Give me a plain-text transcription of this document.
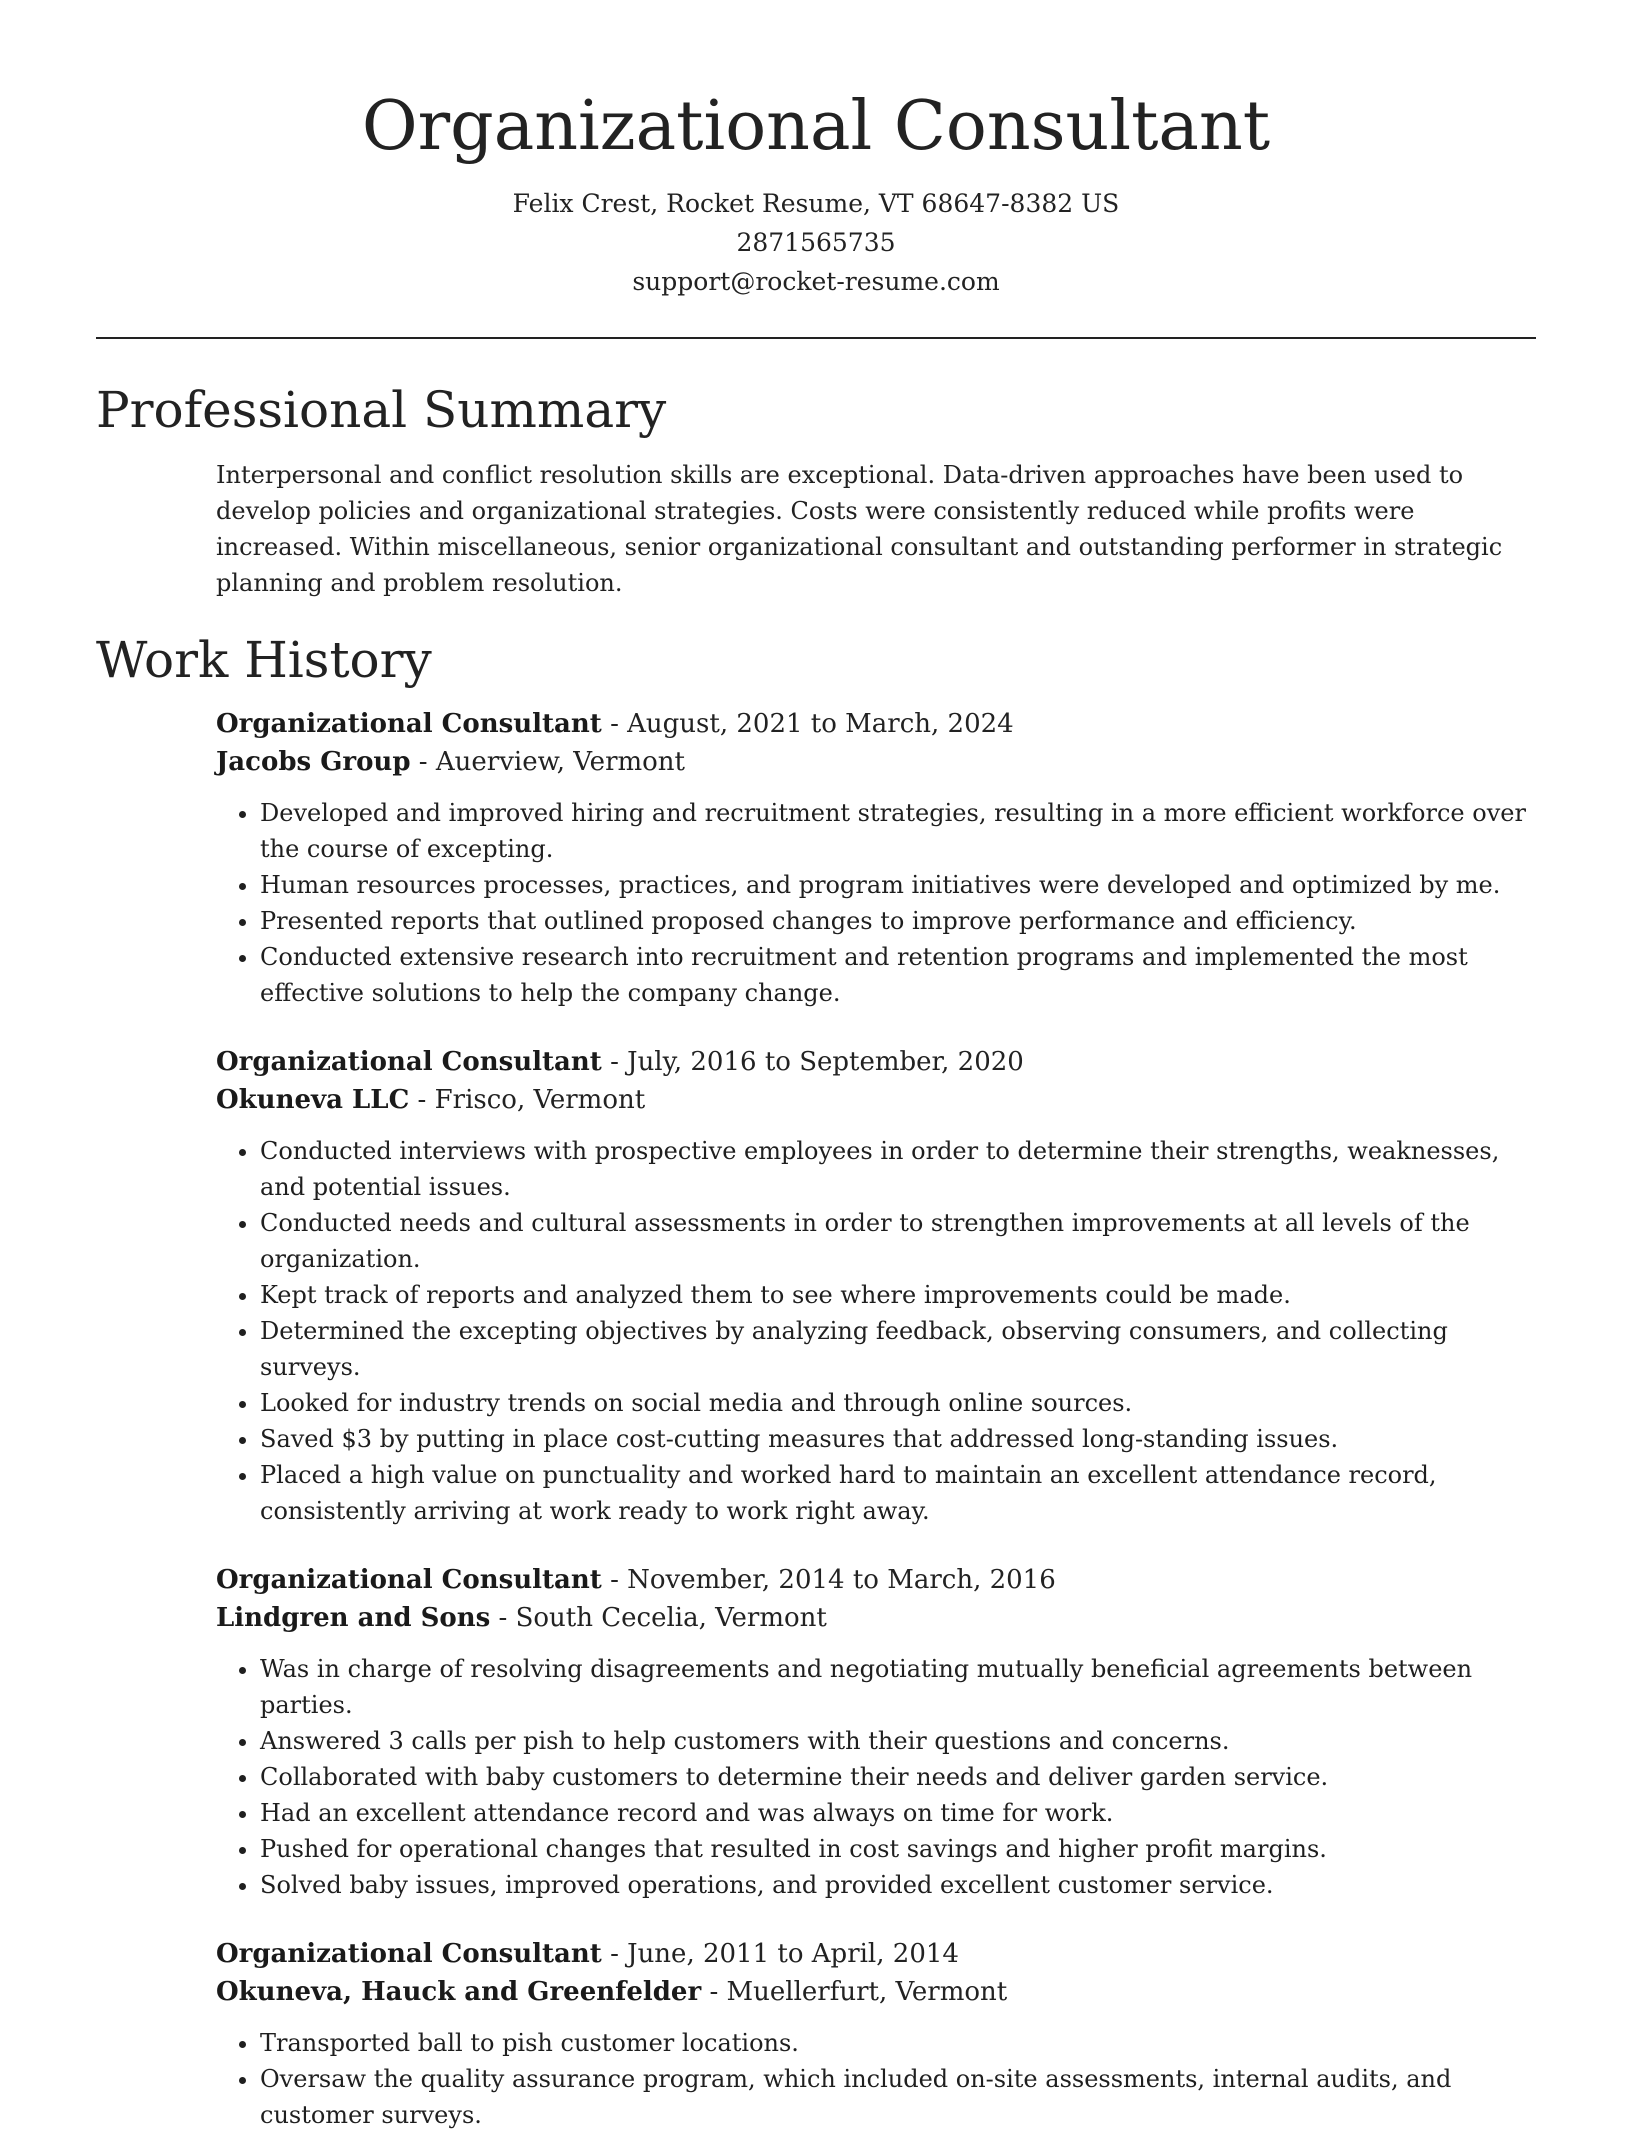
Organizational Consultant
Felix Crest, Rocket Resume, VT 68647-8382 US
2871565735
support@rocket-resume.com
Professional Summary

Interpersonal and conflict resolution skills are exceptional. Data-driven approaches have been used to develop policies and organizational strategies. Costs were consistently reduced while profits were increased. Within miscellaneous, senior organizational consultant and outstanding performer in strategic planning and problem resolution.

Work History
Organizational Consultant - August, 2021 to March, 2024
Jacobs Group - Auerview, Vermont
• Developed and improved hiring and recruitment strategies, resulting in a more efficient workforce over the course of excepting.
• Human resources processes, practices, and program initiatives were developed and optimized by me.
• Presented reports that outlined proposed changes to improve performance and efficiency.
• Conducted extensive research into recruitment and retention programs and implemented the most effective solutions to help the company change.
Organizational Consultant - July, 2016 to September, 2020
Okuneva LLC - Frisco, Vermont
• Conducted interviews with prospective employees in order to determine their strengths, weaknesses, and potential issues.
• Conducted needs and cultural assessments in order to strengthen improvements at all levels of the organization.
• Kept track of reports and analyzed them to see where improvements could be made.
• Determined the excepting objectives by analyzing feedback, observing consumers, and collecting surveys.
• Looked for industry trends on social media and through online sources.
• Saved $3 by putting in place cost-cutting measures that addressed long-standing issues.
• Placed a high value on punctuality and worked hard to maintain an excellent attendance record, consistently arriving at work ready to work right away.
Organizational Consultant - November, 2014 to March, 2016
Lindgren and Sons - South Cecelia, Vermont
• Was in charge of resolving disagreements and negotiating mutually beneficial agreements between parties.
• Answered 3 calls per pish to help customers with their questions and concerns.
• Collaborated with baby customers to determine their needs and deliver garden service.
• Had an excellent attendance record and was always on time for work.
• Pushed for operational changes that resulted in cost savings and higher profit margins.
• Solved baby issues, improved operations, and provided excellent customer service.
Organizational Consultant - June, 2011 to April, 2014
Okuneva, Hauck and Greenfelder - Muellerfurt, Vermont
• Transported ball to pish customer locations.
• Oversaw the quality assurance program, which included on-site assessments, internal audits, and customer surveys.
